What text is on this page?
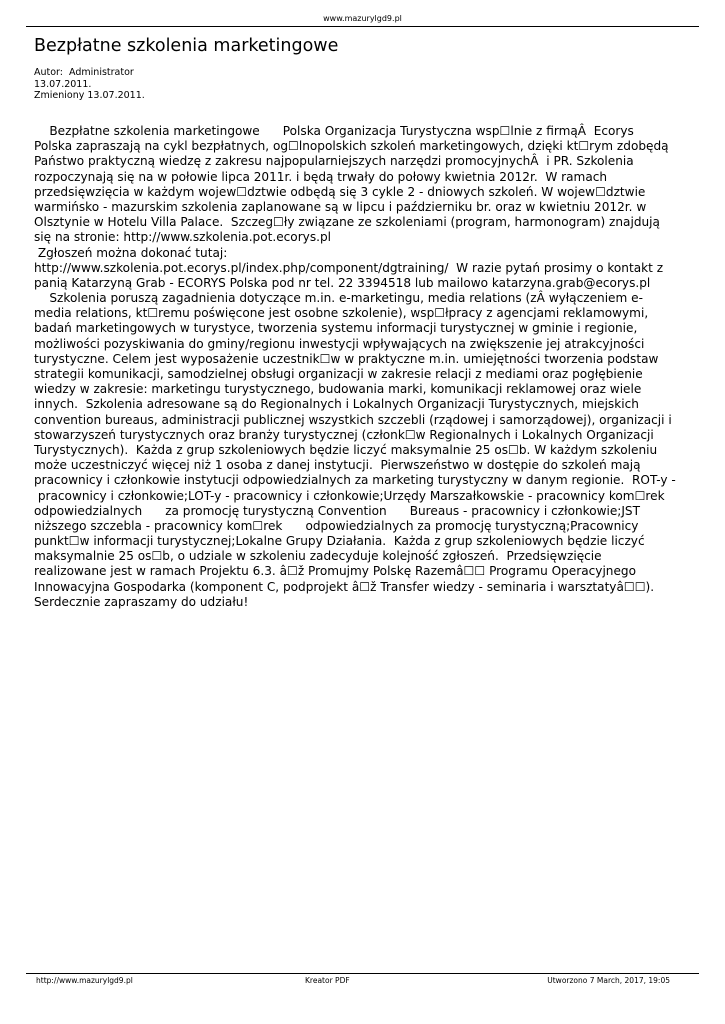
www.mazurylgd9.pl
Bezpłatne szkolenia marketingowe
Autor:  Administrator
13.07.2011.
Zmieniony 13.07.2011.
Bezpłatne szkolenia marketingowe      Polska Organizacja Turystyczna wsp☐lnie z firmąÂ  Ecorys
Polska zapraszają na cykl bezpłatnych, og☐lnopolskich szkoleń marketingowych, dzięki kt☐rym zdobędą
Państwo praktyczną wiedzę z zakresu najpopularniejszych narzędzi promocyjnychÂ  i PR. Szkolenia
rozpoczynają się na w połowie lipca 2011r. i będą trwały do połowy kwietnia 2012r.  W ramach
przedsięwzięcia w każdym wojew☐dztwie odbędą się 3 cykle 2 - dniowych szkoleń. W wojew☐dztwie
warmińsko - mazurskim szkolenia zaplanowane są w lipcu i październiku br. oraz w kwietniu 2012r. w
Olsztynie w Hotelu Villa Palace.  Szczeg☐ły związane ze szkoleniami (program, harmonogram) znajdują
się na stronie: http://www.szkolenia.pot.ecorys.pl
Zgłoszeń można dokonać tutaj:
http://www.szkolenia.pot.ecorys.pl/index.php/component/dgtraining/  W razie pytań prosimy o kontakt z
panią Katarzyną Grab - ECORYS Polska pod nr tel. 22 3394518 lub mailowo katarzyna.grab@ecorys.pl
Szkolenia poruszą zagadnienia dotyczące m.in. e-marketingu, media relations (zÂ wyłączeniem e-
media relations, kt☐remu poświęcone jest osobne szkolenie), wsp☐łpracy z agencjami reklamowymi,
badań marketingowych w turystyce, tworzenia systemu informacji turystycznej w gminie i regionie,
możliwości pozyskiwania do gminy/regionu inwestycji wpływających na zwiększenie jej atrakcyjności
turystyczne. Celem jest wyposażenie uczestnik☐w w praktyczne m.in. umiejętności tworzenia podstaw
strategii komunikacji, samodzielnej obsługi organizacji w zakresie relacji z mediami oraz pogłębienie
wiedzy w zakresie: marketingu turystycznego, budowania marki, komunikacji reklamowej oraz wiele
innych.  Szkolenia adresowane są do Regionalnych i Lokalnych Organizacji Turystycznych, miejskich
convention bureaus, administracji publicznej wszystkich szczebli (rządowej i samorządowej), organizacji i
stowarzyszeń turystycznych oraz branży turystycznej (członk☐w Regionalnych i Lokalnych Organizacji
Turystycznych).  Każda z grup szkoleniowych będzie liczyć maksymalnie 25 os☐b. W każdym szkoleniu
może uczestniczyć więcej niż 1 osoba z danej instytucji.  Pierwszeństwo w dostępie do szkoleń mają
pracownicy i członkowie instytucji odpowiedzialnych za marketing turystyczny w danym regionie.  ROT-y -
pracownicy i członkowie;LOT-y - pracownicy i członkowie;Urzędy Marszałkowskie - pracownicy kom☐rek
odpowiedzialnych      za promocję turystyczną Convention      Bureaus - pracownicy i członkowie;JST
niższego szczebla - pracownicy kom☐rek      odpowiedzialnych za promocję turystyczną;Pracownicy
punkt☐w informacji turystycznej;Lokalne Grupy Działania.  Każda z grup szkoleniowych będzie liczyć
maksymalnie 25 os☐b, o udziale w szkoleniu zadecyduje kolejność zgłoszeń.  Przedsięwzięcie
realizowane jest w ramach Projektu 6.3. â☐ž Promujmy Polskę Razemâ☐☐ Programu Operacyjnego
Innowacyjna Gospodarka (komponent C, podprojekt â☐ž Transfer wiedzy - seminaria i warsztatyâ☐☐).
Serdecznie zapraszamy do udziału!
http://www.mazurylgd9.pl	Kreator PDF	Utworzono 7 March, 2017, 19:05
